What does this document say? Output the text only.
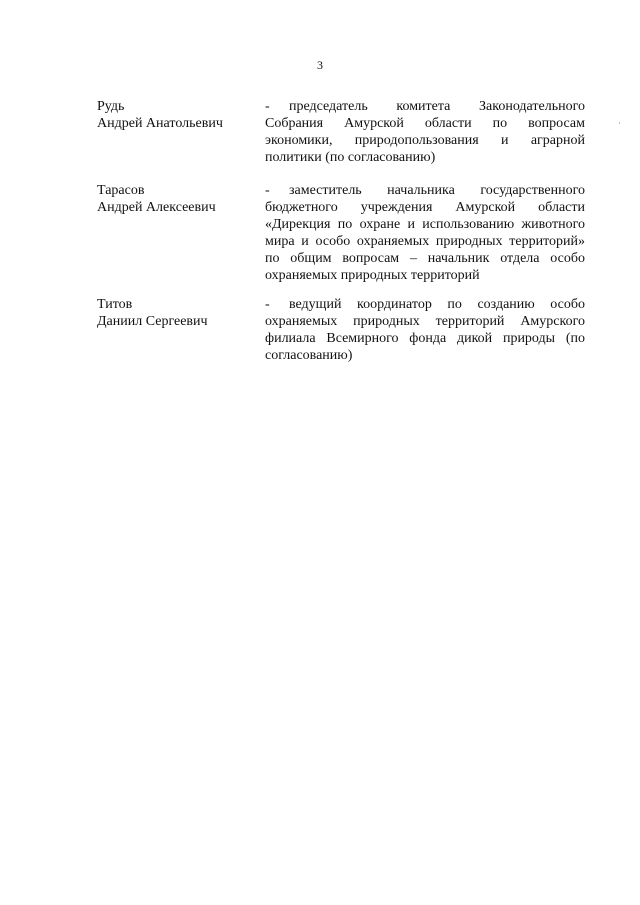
3
·
Рудь
Андрей Анатольевич
- председатель комитета Законодательного Собрания Амурской области по вопросам экономики, природопользования и аграрной политики (по согласованию)
Тарасов
Андрей Алексеевич
- заместитель начальника государственного бюджетного учреждения Амурской области «Дирекция по охране и использованию животного мира и особо охраняемых природных территорий» по общим вопросам – начальник отдела особо охраняемых природных территорий
Титов
Даниил Сергеевич
- ведущий координатор по созданию особо охраняемых природных территорий Амурского филиала Всемирного фонда дикой природы (по согласованию)
